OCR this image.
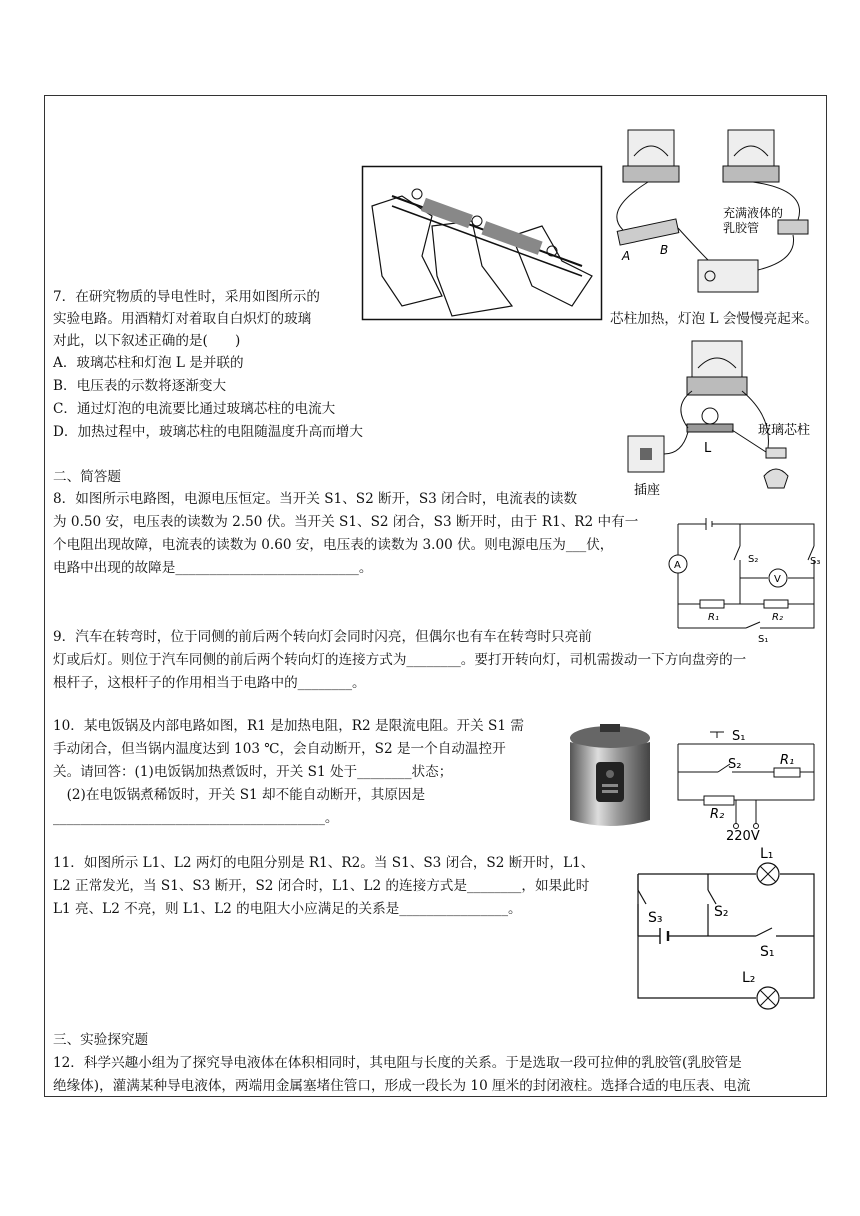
A B
充满液体的
乳胶管
7．在研究物质的导电性时，采用如图所示的
实验电路。用酒精灯对着取自白炽灯的玻璃	芯柱加热，灯泡 L 会慢慢亮起来。
对此，以下叙述正确的是(　　)
A．玻璃芯柱和灯泡 L 是并联的
B．电压表的示数将逐渐变大
C．通过灯泡的电流要比通过玻璃芯柱的电流大
D．加热过程中，玻璃芯柱的电阻随温度升高而增大
L
玻璃芯柱
插座
二、简答题
8．如图所示电路图，电源电压恒定。当开关 S1、S2 断开，S3 闭合时，电流表的读数
为 0.50 安，电压表的读数为 2.50 伏。当开关 S1、S2 闭合，S3 断开时，由于 R1、R2 中有一
个电阻出现故障，电流表的读数为 0.60 安，电压表的读数为 3.00 伏。则电源电压为___伏，
电路中出现的故障是___________________________。	A
V
R₁	R₂
S₂	S₃
S₁
9．汽车在转弯时，位于同侧的前后两个转向灯会同时闪亮，但偶尔也有车在转弯时只亮前
灯或后灯。则位于汽车同侧的前后两个转向灯的连接方式为________。要打开转向灯，司机需拨动一下方向盘旁的一
根杆子，这根杆子的作用相当于电路中的________。
10．某电饭锅及内部电路如图，R1 是加热电阻，R2 是限流电阻。开关 S1 需
手动闭合，但当锅内温度达到 103 ℃，会自动断开，S2 是一个自动温控开
关。请回答：(1)电饭锅加热煮饭时，开关 S1 处于________状态；
　(2)在电饭锅煮稀饭时，开关 S1 却不能自动断开，其原因是
________________________________________。
S₁
S₂	R₁
R₂
220V
11．如图所示 L1、L2 两灯的电阻分别是 R1、R2。当 S1、S3 闭合，S2 断开时，L1、
L2 正常发光，当 S1、S3 断开，S2 闭合时，L1、L2 的连接方式是________，如果此时
L1 亮、L2 不亮，则 L1、L2 的电阻大小应满足的关系是________________。
L₁
L₂
S₃	S₂
S₁
三、实验探究题
12．科学兴趣小组为了探究导电液体在体积相同时，其电阻与长度的关系。于是选取一段可拉伸的乳胶管(乳胶管是
绝缘体)，灌满某种导电液体，两端用金属塞堵住管口，形成一段长为 10 厘米的封闭液柱。选择合适的电压表、电流
